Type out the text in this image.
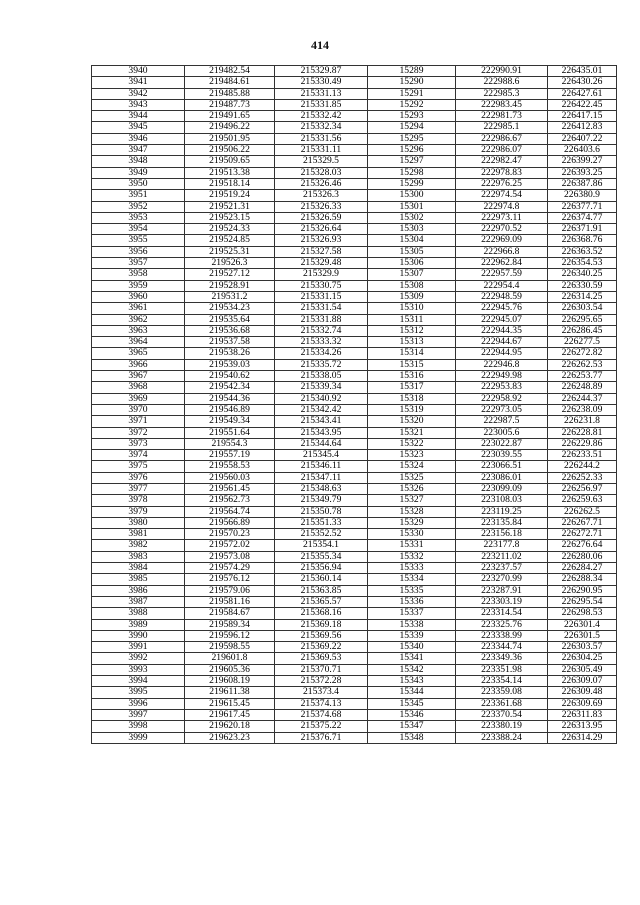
414
3940	219482.54	215329.87	15289	222990.91	226435.01
3941	219484.61	215330.49	15290	222988.6	226430.26
3942	219485.88	215331.13	15291	222985.3	226427.61
3943	219487.73	215331.85	15292	222983.45	226422.45
3944	219491.65	215332.42	15293	222981.73	226417.15
3945	219496.22	215332.34	15294	222985.1	226412.83
3946	219501.95	215331.56	15295	222986.67	226407.22
3947	219506.22	215331.11	15296	222986.07	226403.6
3948	219509.65	215329.5	15297	222982.47	226399.27
3949	219513.38	215328.03	15298	222978.83	226393.25
3950	219518.14	215326.46	15299	222976.25	226387.86
3951	219519.24	215326.3	15300	222974.54	226380.9
3952	219521.31	215326.33	15301	222974.8	226377.71
3953	219523.15	215326.59	15302	222973.11	226374.77
3954	219524.33	215326.64	15303	222970.52	226371.91
3955	219524.85	215326.93	15304	222969.09	226368.76
3956	219525.31	215327.58	15305	222966.8	226363.52
3957	219526.3	215329.48	15306	222962.84	226354.53
3958	219527.12	215329.9	15307	222957.59	226340.25
3959	219528.91	215330.75	15308	222954.4	226330.59
3960	219531.2	215331.15	15309	222948.59	226314.25
3961	219534.23	215331.54	15310	222945.76	226303.54
3962	219535.64	215331.88	15311	222945.07	226295.65
3963	219536.68	215332.74	15312	222944.35	226286.45
3964	219537.58	215333.32	15313	222944.67	226277.5
3965	219538.26	215334.26	15314	222944.95	226272.82
3966	219539.03	215335.72	15315	222946.8	226262.53
3967	219540.62	215338.05	15316	222949.98	226253.77
3968	219542.34	215339.34	15317	222953.83	226248.89
3969	219544.36	215340.92	15318	222958.92	226244.37
3970	219546.89	215342.42	15319	222973.05	226238.09
3971	219549.34	215343.41	15320	222987.5	226231.8
3972	219551.64	215343.95	15321	223005.6	226228.81
3973	219554.3	215344.64	15322	223022.87	226229.86
3974	219557.19	215345.4	15323	223039.55	226233.51
3975	219558.53	215346.11	15324	223066.51	226244.2
3976	219560.03	215347.11	15325	223086.01	226252.33
3977	219561.45	215348.63	15326	223099.09	226256.97
3978	219562.73	215349.79	15327	223108.03	226259.63
3979	219564.74	215350.78	15328	223119.25	226262.5
3980	219566.89	215351.33	15329	223135.84	226267.71
3981	219570.23	215352.52	15330	223156.18	226272.71
3982	219572.02	215354.1	15331	223177.8	226276.64
3983	219573.08	215355.34	15332	223211.02	226280.06
3984	219574.29	215356.94	15333	223237.57	226284.27
3985	219576.12	215360.14	15334	223270.99	226288.34
3986	219579.06	215363.85	15335	223287.91	226290.95
3987	219581.16	215365.57	15336	223303.19	226295.54
3988	219584.67	215368.16	15337	223314.54	226298.53
3989	219589.34	215369.18	15338	223325.76	226301.4
3990	219596.12	215369.56	15339	223338.99	226301.5
3991	219598.55	215369.22	15340	223344.74	226303.57
3992	219601.8	215369.53	15341	223349.36	226304.25
3993	219605.36	215370.71	15342	223351.98	226305.49
3994	219608.19	215372.28	15343	223354.14	226309.07
3995	219611.38	215373.4	15344	223359.08	226309.48
3996	219615.45	215374.13	15345	223361.68	226309.69
3997	219617.45	215374.68	15346	223370.54	226311.83
3998	219620.18	215375.22	15347	223380.19	226313.95
3999	219623.23	215376.71	15348	223388.24	226314.29
